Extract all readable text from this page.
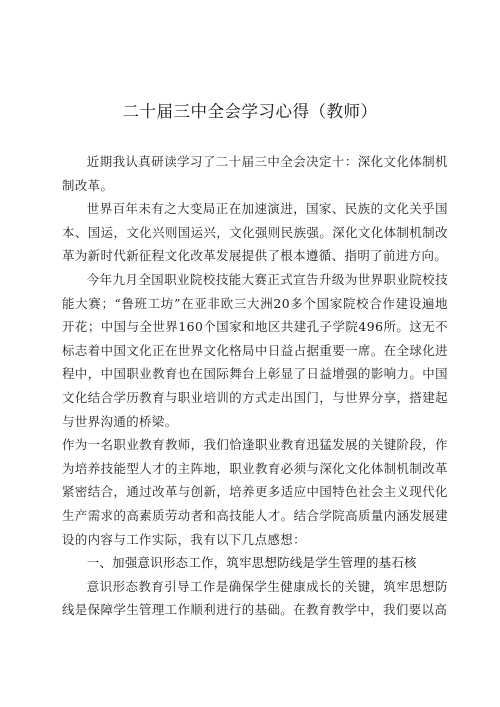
二十届三中全会学习心得（教师）

近期我认真研读学习了二十届三中全会决定十：深化文化体制机制改革。

世界百年未有之大变局正在加速演进，国家、民族的文化关乎国本、国运，文化兴则国运兴，文化强则民族强。深化文化体制机制改革为新时代新征程文化改革发展提供了根本遵循、指明了前进方向。

今年九月全国职业院校技能大赛正式宣告升级为世界职业院校技能大赛；“鲁班工坊”在亚非欧三大洲20多个国家院校合作建设遍地开花；中国与全世界160个国家和地区共建孔子学院496所。这无不标志着中国文化正在世界文化格局中日益占据重要一席。在全球化进程中，中国职业教育也在国际舞台上彰显了日益增强的影响力。中国文化结合学历教育与职业培训的方式走出国门，与世界分享，搭建起与世界沟通的桥梁。

作为一名职业教育教师，我们恰逢职业教育迅猛发展的关键阶段，作为培养技能型人才的主阵地，职业教育必须与深化文化体制机制改革紧密结合，通过改革与创新，培养更多适应中国特色社会主义现代化生产需求的高素质劳动者和高技能人才。结合学院高质量内涵发展建设的内容与工作实际，我有以下几点感想：

一、加强意识形态工作，筑牢思想防线是学生管理的基石核

意识形态教育引导工作是确保学生健康成长的关键，筑牢思想防线是保障学生管理工作顺利进行的基础。在教育教学中，我们要以高
